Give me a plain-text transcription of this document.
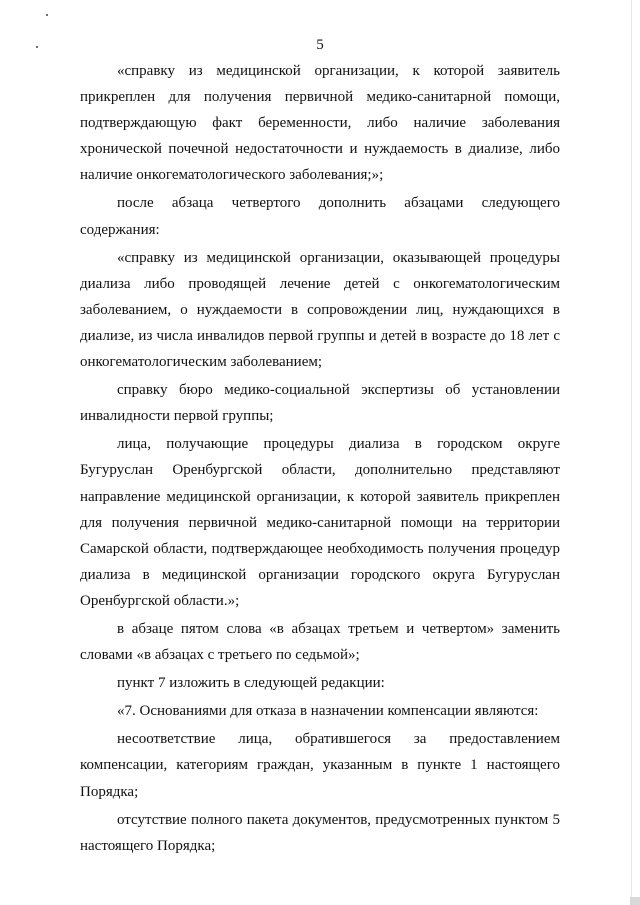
5

«справку из медицинской организации, к которой заявитель прикреплен для получения первичной медико-санитарной помощи, подтверждающую факт беременности, либо наличие заболевания хронической почечной недостаточности и нуждаемость в диализе, либо наличие онкогематологического заболевания;»;

после абзаца четвертого дополнить абзацами следующего содержания:

«справку из медицинской организации, оказывающей процедуры диализа либо проводящей лечение детей с онкогематологическим заболеванием, о нуждаемости в сопровождении лиц, нуждающихся в диализе, из числа инвалидов первой группы и детей в возрасте до 18 лет с онкогематологическим заболеванием;

справку бюро медико-социальной экспертизы об установлении инвалидности первой группы;

лица, получающие процедуры диализа в городском округе Бугуруслан Оренбургской области, дополнительно представляют направление медицинской организации, к которой заявитель прикреплен для получения первичной медико-санитарной помощи на территории Самарской области, подтверждающее необходимость получения процедур диализа в медицинской организации городского округа Бугуруслан Оренбургской области.»;

в абзаце пятом слова «в абзацах третьем и четвертом» заменить словами «в абзацах с третьего по седьмой»;

пункт 7 изложить в следующей редакции:

«7. Основаниями для отказа в назначении компенсации являются:

несоответствие лица, обратившегося за предоставлением компенсации, категориям граждан, указанным в пункте 1 настоящего Порядка;

отсутствие полного пакета документов, предусмотренных пунктом 5 настоящего Порядка;
